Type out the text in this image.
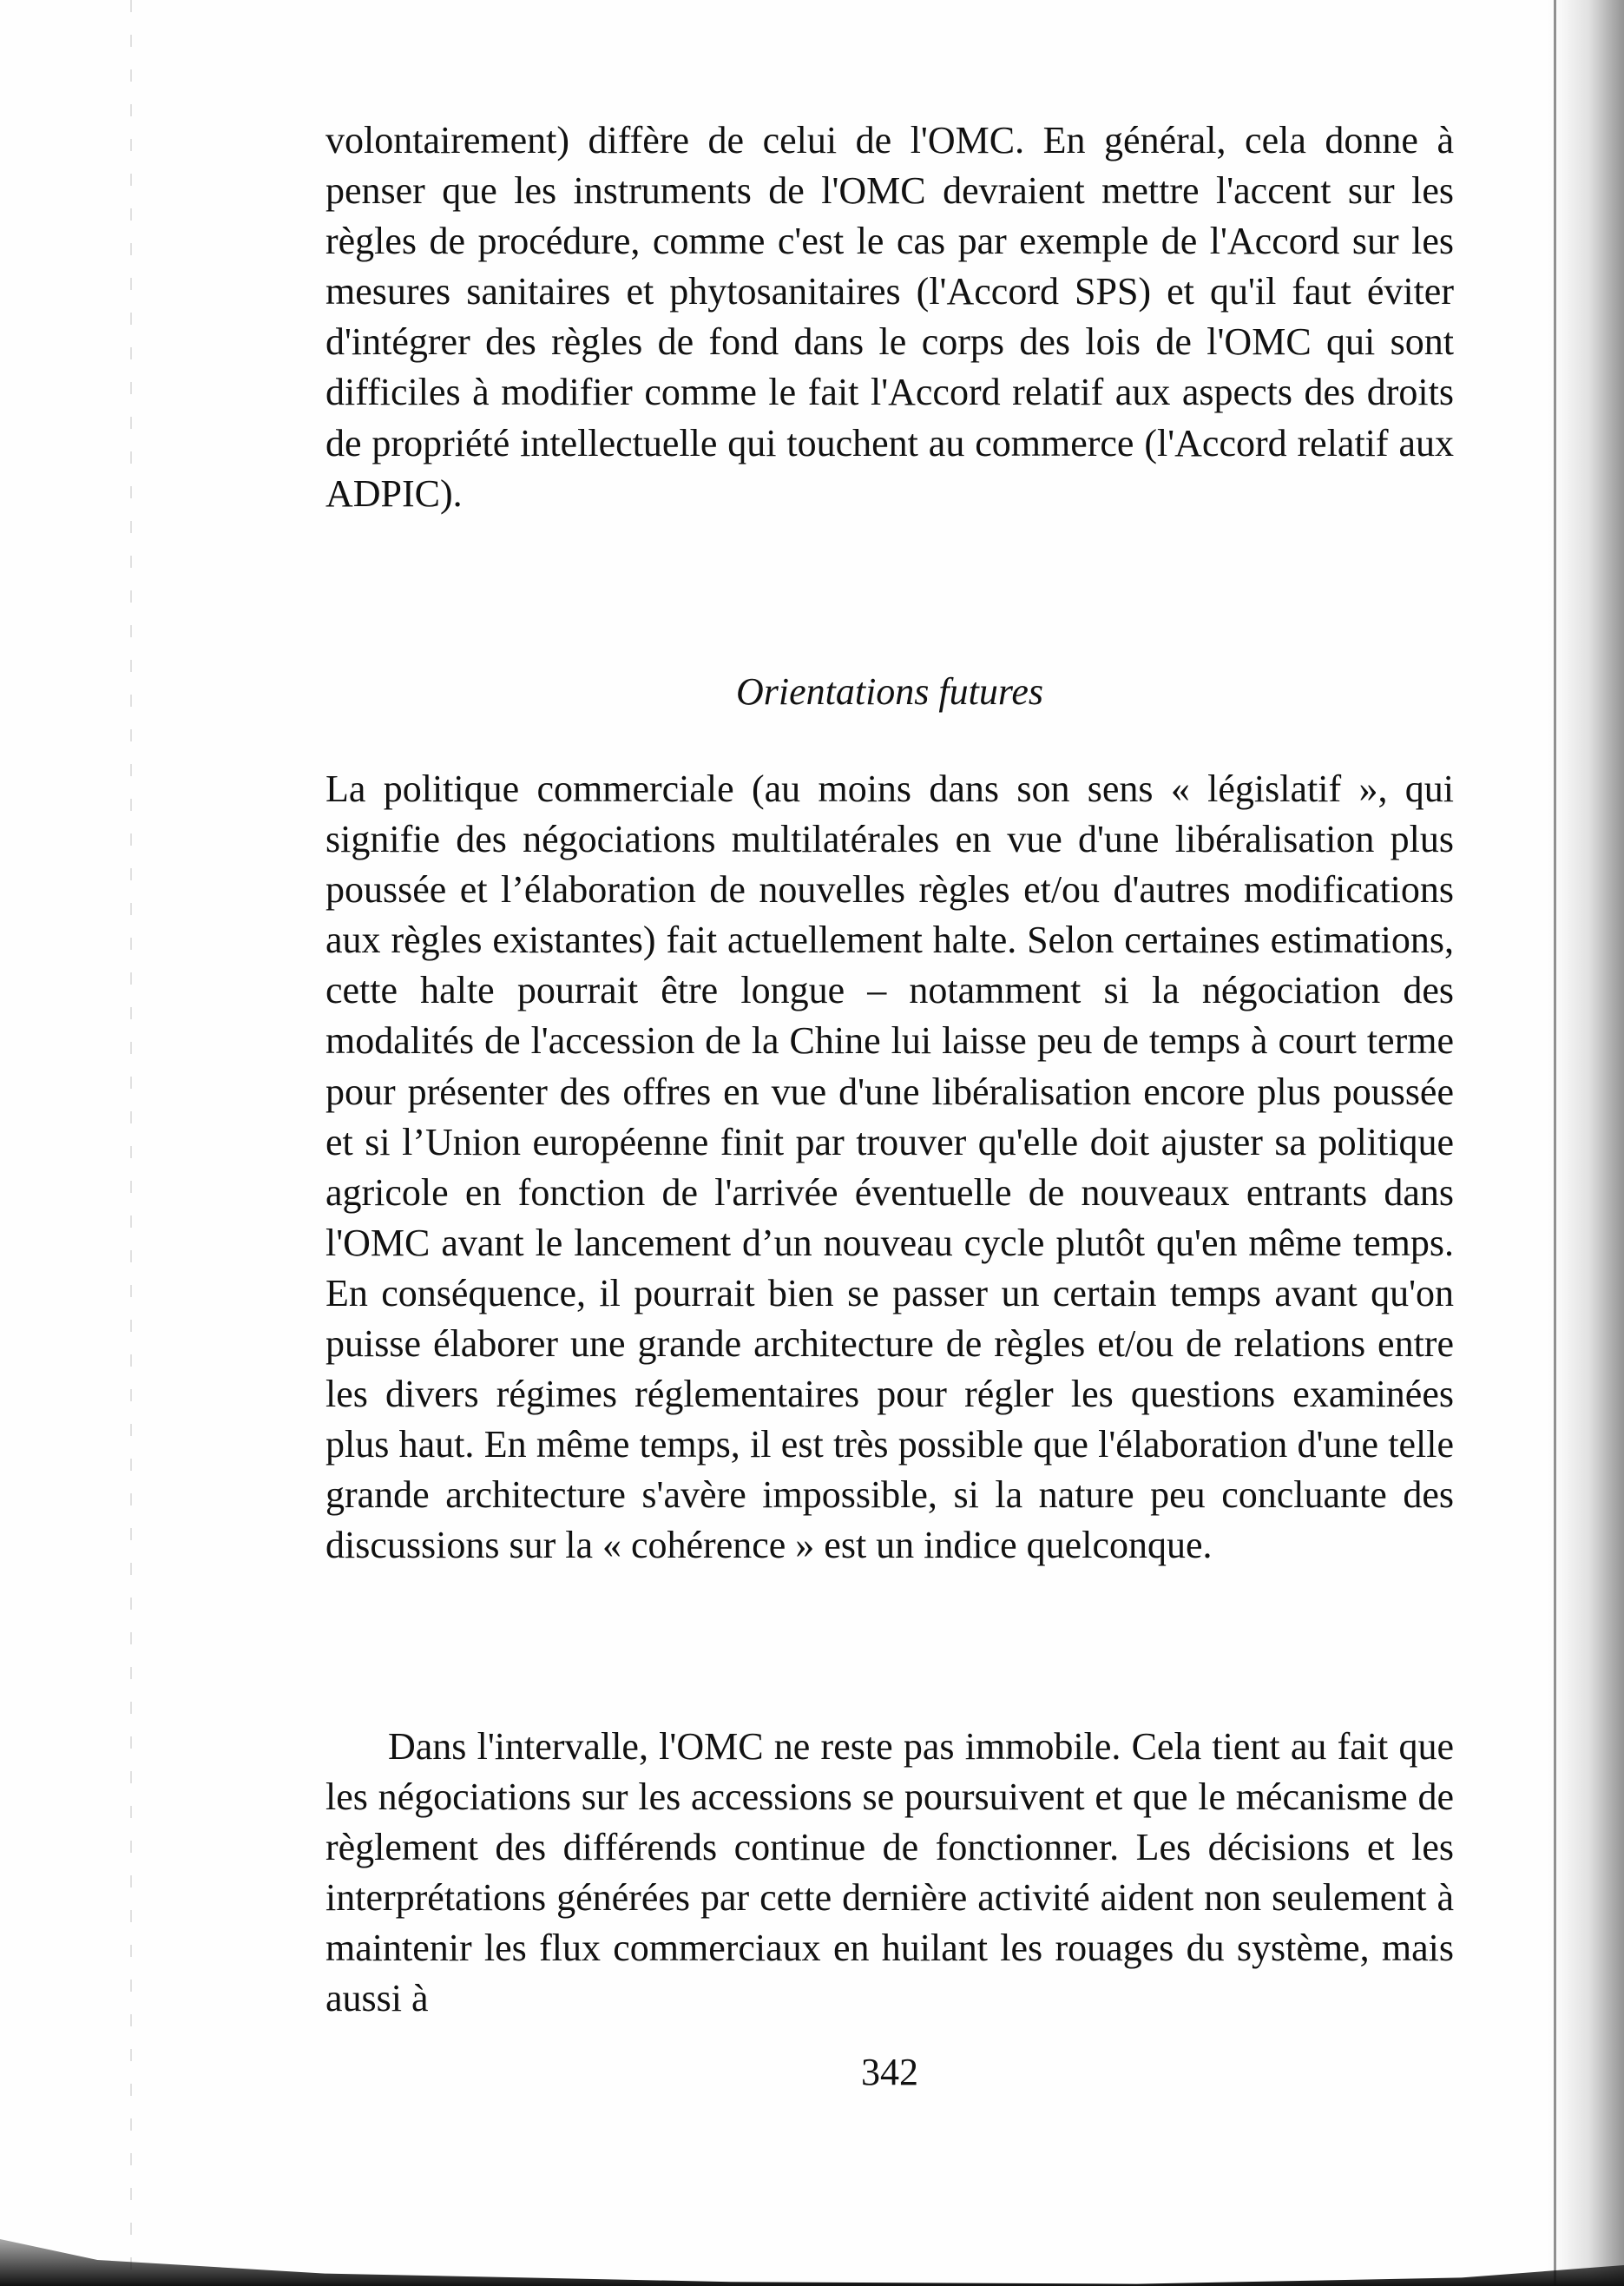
volontairement) diffère de celui de l'OMC. En général, cela donne à penser que les instruments de l'OMC devraient mettre l'accent sur les règles de procédure, comme c'est le cas par exemple de l'Accord sur les mesures sanitaires et phytosanitaires (l'Accord SPS) et qu'il faut éviter d'intégrer des règles de fond dans le corps des lois de l'OMC qui sont difficiles à modifier comme le fait l'Accord relatif aux aspects des droits de propriété intellectuelle qui touchent au commerce (l'Accord relatif aux ADPIC).

Orientations futures

La politique commerciale (au moins dans son sens « législatif », qui signifie des négociations multilatérales en vue d'une libéralisation plus poussée et l’élaboration de nouvelles règles et/ou d'autres modifications aux règles existantes) fait actuellement halte. Selon certaines estimations, cette halte pourrait être longue – notamment si la négociation des modalités de l'accession de la Chine lui laisse peu de temps à court terme pour présenter des offres en vue d'une libéralisation encore plus poussée et si l’Union européenne finit par trouver qu'elle doit ajuster sa politique agricole en fonction de l'arrivée éventuelle de nouveaux entrants dans l'OMC avant le lancement d’un nouveau cycle plutôt qu'en même temps. En conséquence, il pourrait bien se passer un certain temps avant qu'on puisse élaborer une grande architecture de règles et/ou de relations entre les divers régimes réglementaires pour régler les questions examinées plus haut. En même temps, il est très possible que l'élaboration d'une telle grande architecture s'avère impossible, si la nature peu concluante des discussions sur la « cohérence » est un indice quelconque.

Dans l'intervalle, l'OMC ne reste pas immobile. Cela tient au fait que les négociations sur les accessions se poursuivent et que le mécanisme de règlement des différends continue de fonctionner. Les décisions et les interprétations générées par cette dernière activité aident non seulement à maintenir les flux commerciaux en huilant les rouages du système, mais aussi à

342
